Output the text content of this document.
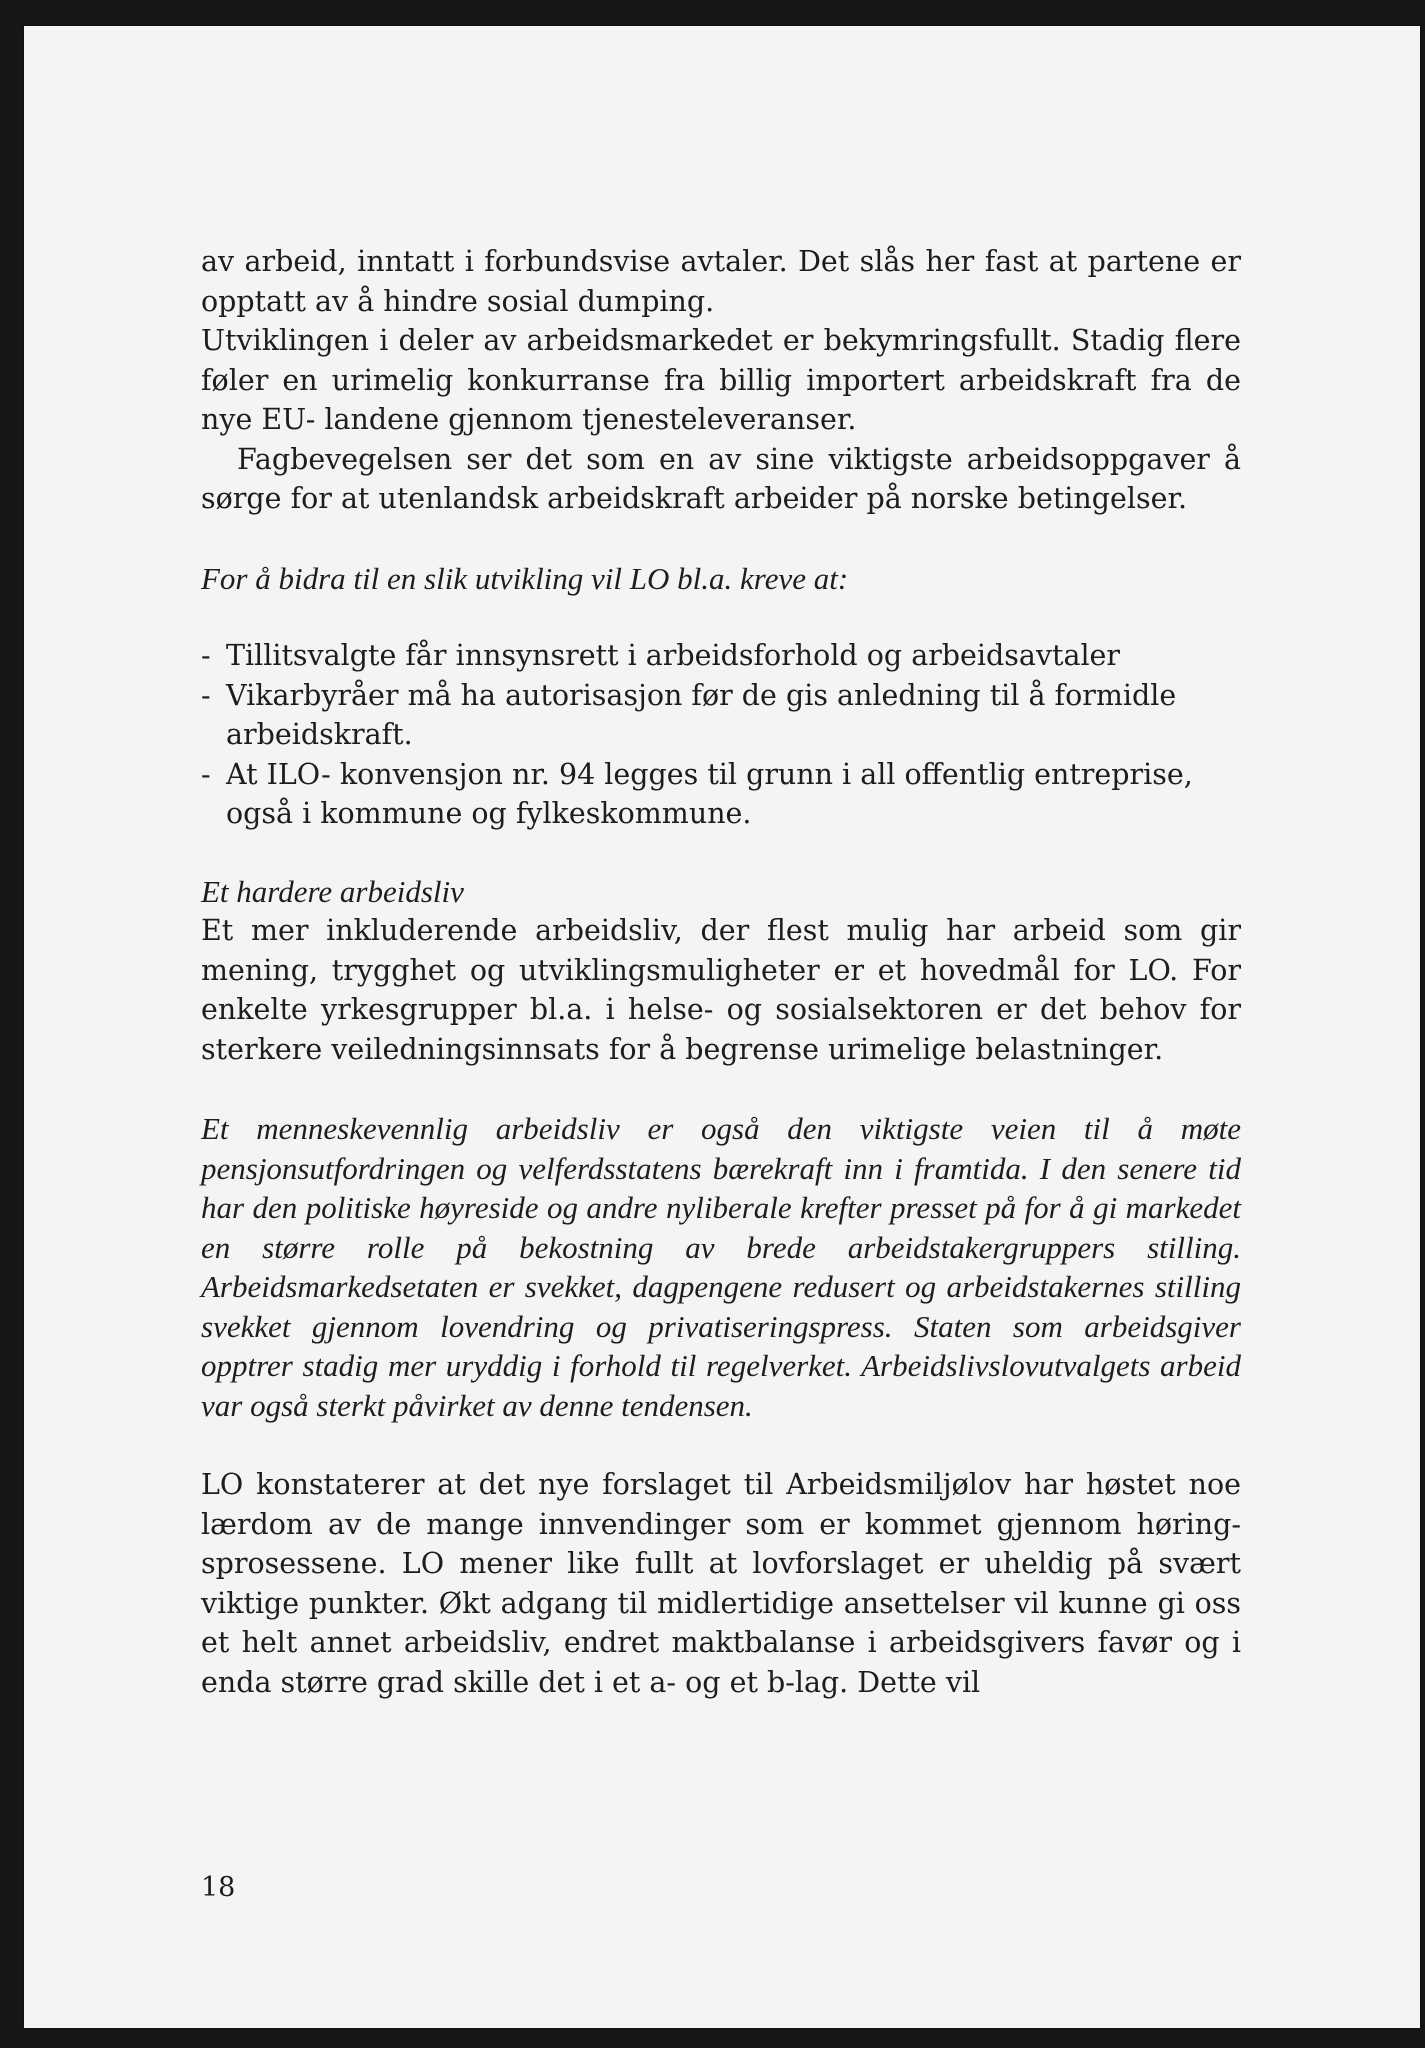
av arbeid, inntatt i forbundsvise avtaler. Det slås her fast at partene er opptatt av å hindre sosial dumping.

Utviklingen i deler av arbeidsmarkedet er bekymringsfullt. Stadig flere føler en urimelig konkurranse fra billig importert arbeidskraft fra de nye EU- landene gjennom tjenesteleveranser.

Fagbevegelsen ser det som en av sine viktigste arbeidsoppgaver å sørge for at utenlandsk arbeidskraft arbeider på norske betingelser.

For å bidra til en slik utvikling vil LO bl.a. kreve at:

- Tillitsvalgte får innsynsrett i arbeidsforhold og arbeidsavtaler
- Vikarbyråer må ha autorisasjon før de gis anledning til å formidle arbeidskraft.
- At ILO- konvensjon nr. 94 legges til grunn i all offentlig entreprise, også i kommune og fylkeskommune.

Et hardere arbeidsliv

Et mer inkluderende arbeidsliv, der flest mulig har arbeid som gir mening, trygghet og utviklingsmuligheter er et hovedmål for LO. For enkelte yrkesgrupper bl.a. i helse- og sosialsektoren er det behov for sterkere veiledningsinnsats for å begrense urimelige belastninger.

Et menneskevennlig arbeidsliv er også den viktigste veien til å møte pensjonsutfordringen og velferdsstatens bærekraft inn i framtida. I den senere tid har den politiske høyreside og andre nyliberale krefter presset på for å gi markedet en større rolle på bekostning av brede arbeidstakergruppers stilling. Arbeidsmarkedsetaten er svekket, dagpengene redusert og arbeidstakernes stilling svekket gjennom lovendring og privatiseringspress. Staten som arbeidsgiver opptrer stadig mer uryddig i forhold til regelverket. Arbeidslivslovutvalgets arbeid var også sterkt påvirket av denne tendensen.

LO konstaterer at det nye forslaget til Arbeidsmiljølov har høstet noe lærdom av de mange innvendinger som er kommet gjennom høringsprosessene. LO mener like fullt at lovforslaget er uheldig på svært viktige punkter. Økt adgang til midlertidige ansettelser vil kunne gi oss et helt annet arbeidsliv, endret maktbalanse i arbeidsgivers favør og i enda større grad skille det i et a- og et b-lag. Dette vil

18
